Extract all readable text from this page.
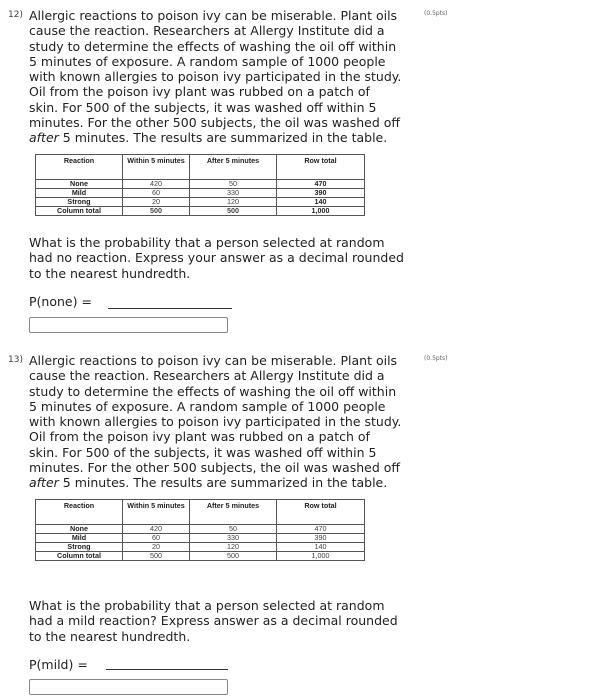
12)	(0.5pts)

Allergic reactions to poison ivy can be miserable. Plant oils

cause the reaction. Researchers at Allergy Institute did a

study to determine the effects of washing the oil off within

5 minutes of exposure. A random sample of 1000 people

with known allergies to poison ivy participated in the study.

Oil from the poison ivy plant was rubbed on a patch of

skin. For 500 of the subjects, it was washed off within 5

minutes. For the other 500 subjects, the oil was washed off

after 5 minutes. The results are summarized in the table.

Reaction	Within 5 minutes	After 5 minutes	Row total
None	420	50	470
Mild	60	330	390
Strong	20	120	140
Column total	500	500	1,000

What is the probability that a person selected at random

had no reaction. Express your answer as a decimal rounded

to the nearest hundredth.

P(none) =
13)	(0.5pts)

Allergic reactions to poison ivy can be miserable. Plant oils

cause the reaction. Researchers at Allergy Institute did a

study to determine the effects of washing the oil off within

5 minutes of exposure. A random sample of 1000 people

with known allergies to poison ivy participated in the study.

Oil from the poison ivy plant was rubbed on a patch of

skin. For 500 of the subjects, it was washed off within 5

minutes. For the other 500 subjects, the oil was washed off

after 5 minutes. The results are summarized in the table.

Reaction	Within 5 minutes	After 5 minutes	Row total
None	420	50	470
Mild	60	330	390
Strong	20	120	140
Column total	500	500	1,000

What is the probability that a person selected at random

had a mild reaction? Express answer as a decimal rounded

to the nearest hundredth.

P(mild) =
